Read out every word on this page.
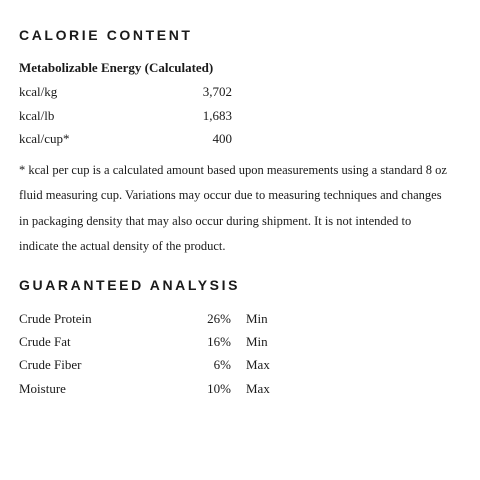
CALORIE CONTENT
Metabolizable Energy (Calculated)
kcal/kg	3,702
kcal/lb	1,683
kcal/cup*	400

* kcal per cup is a calculated amount based upon measurements using a standard 8 oz
fluid measuring cup. Variations may occur due to measuring techniques and changes
in packaging density that may also occur during shipment. It is not intended to
indicate the actual density of the product.

GUARANTEED ANALYSIS
Crude Protein	26% Min
Crude Fat	16% Min
Crude Fiber	6% Max
Moisture	10% Max
